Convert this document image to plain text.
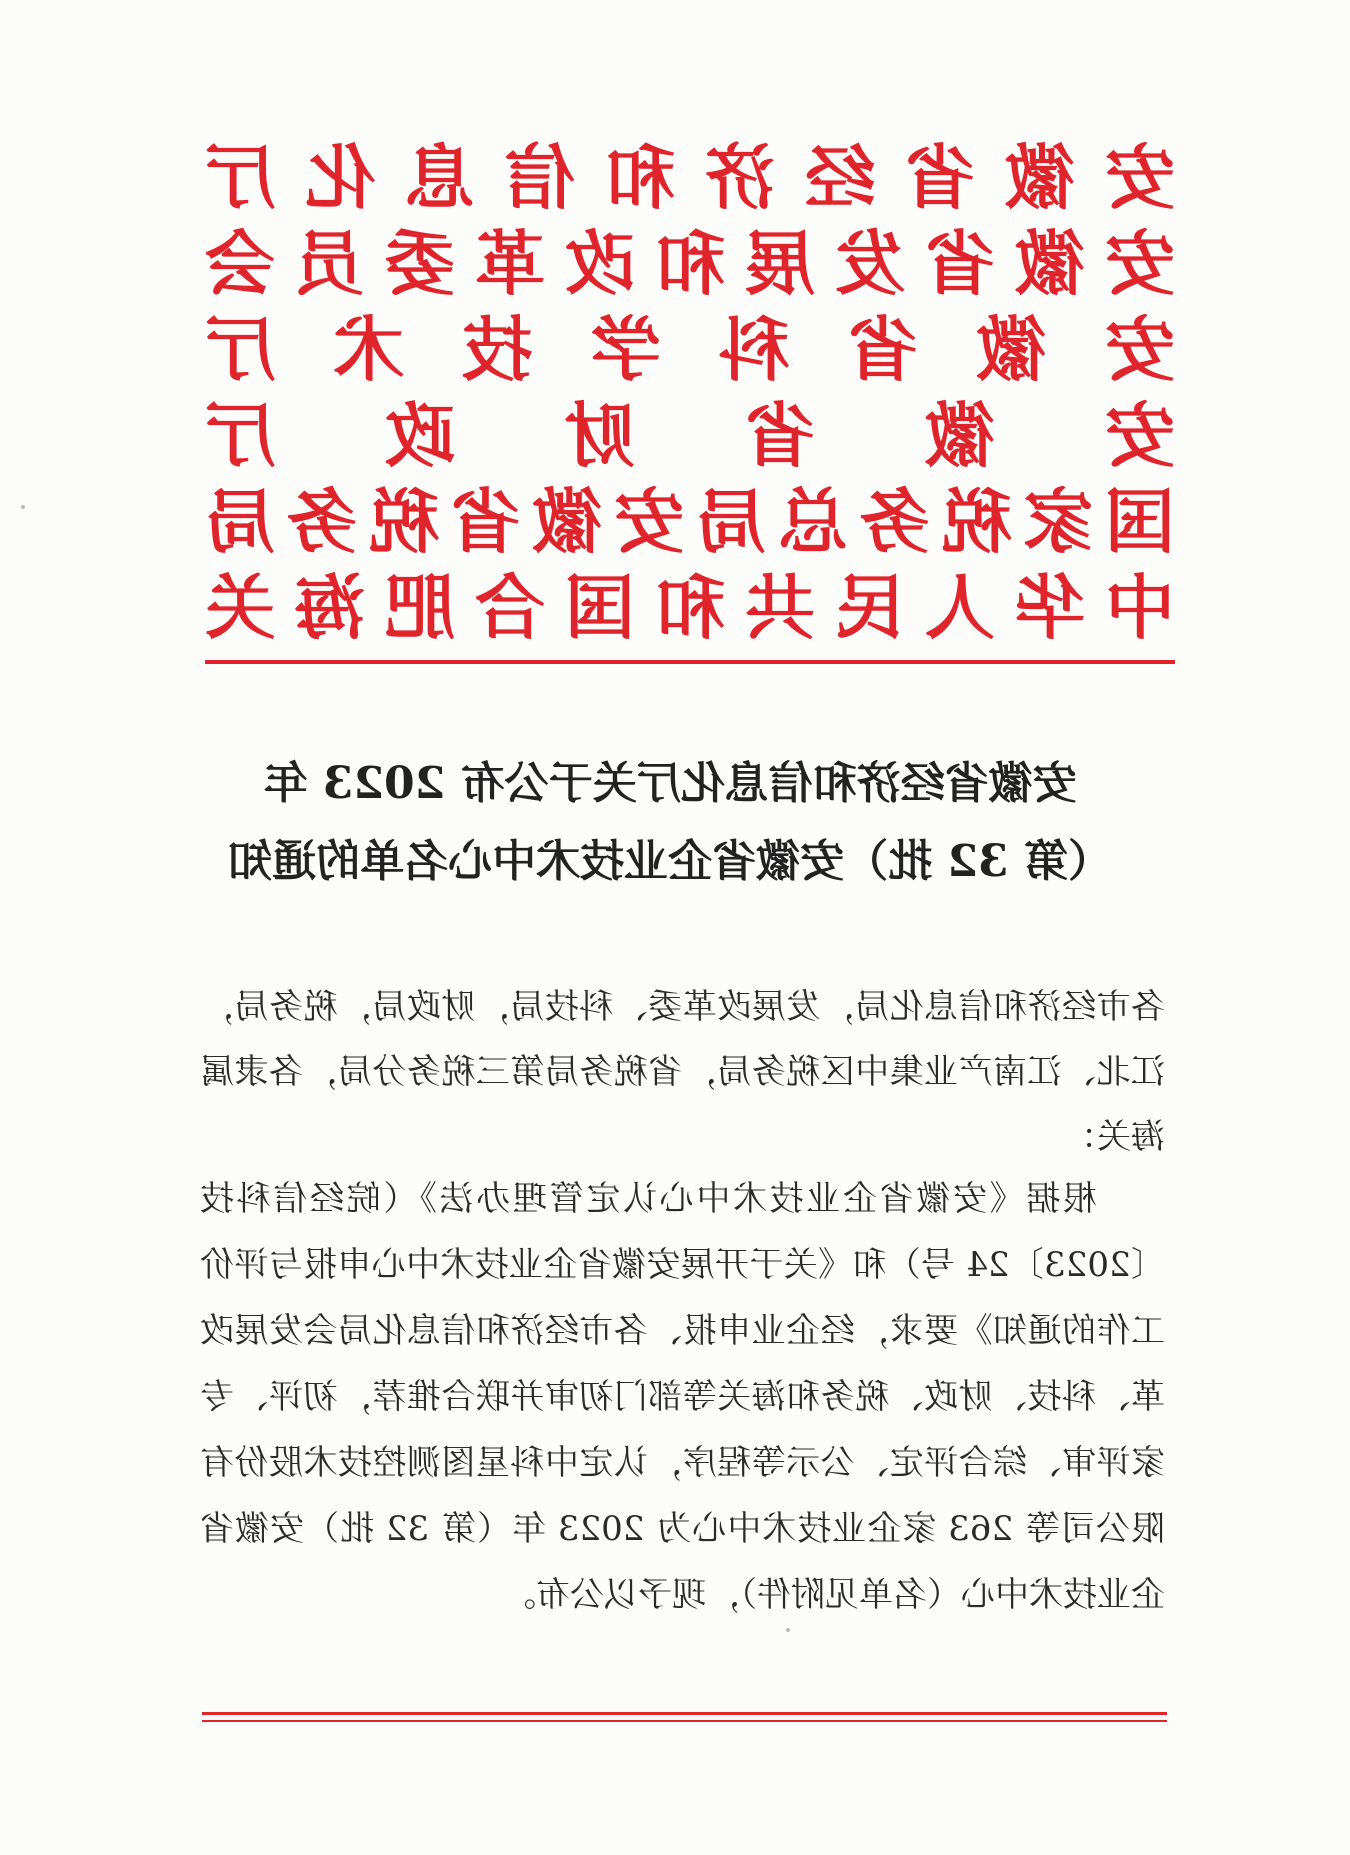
安
徽
省
经
济
和
信
息
化
厅
安
徽
省
发
展
和
改
革
委
员
会
安
徽
省
科
学
技
术
厅
安
徽
省
财
政
厅
国
家
税
务
总
局
安
徽
省
税
务
局
中
华
人
民
共
和
国
合
肥
海
关
安徽省经济和信息化厅关于公布 2023 年
（第 32 批）安徽省企业技术中心名单的通知
各市经济和信息化局，发展改革委、科技局，财政局，税务局，江北、江南产业集中区税务局，省税务局第三税务分局，各隶属海关：
根据《安徽省企业技术中心认定管理办法》（皖经信科技〔2023〕24 号）和《关于开展安徽省企业技术中心申报与评价工作的通知》要求，经企业申报、各市经济和信息化局会发展改革、科技、财政、税务和海关等部门初审并联合推荐，初评、专家评审、综合评定、公示等程序，认定中科星图测控技术股份有限公司等 263 家企业技术中心为 2023 年（第 32 批）安徽省企业技术中心（名单见附件），现予以公布。
